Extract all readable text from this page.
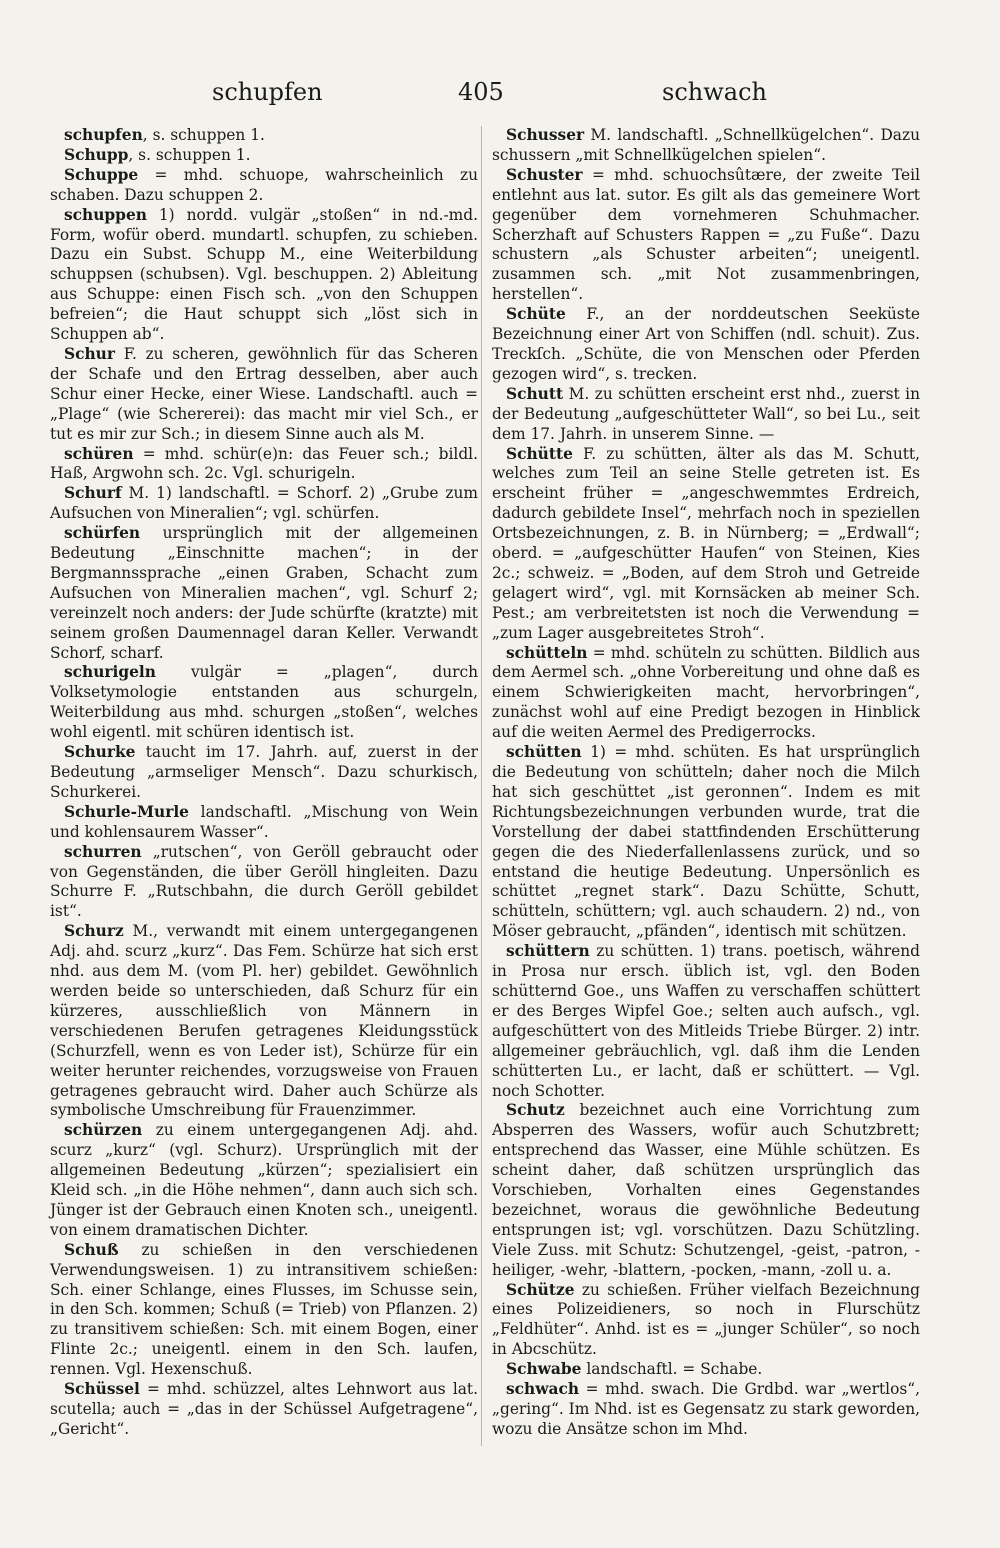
schupfen	405	schwach

schupfen, s. schuppen 1.

Schupp, s. schuppen 1.

Schuppe = mhd. schuope, wahrscheinlich zu schaben. Dazu schuppen 2.

schuppen 1) nordd. vulgär „stoßen“ in nd.-md. Form, wofür oberd. mundartl. schupfen, zu schieben. Dazu ein Subst. Schupp M., eine Weiterbildung schuppsen (schubsen). Vgl. beschuppen. 2) Ableitung aus Schuppe: einen Fisch sch. „von den Schuppen befreien“; die Haut schuppt sich „löst sich in Schuppen ab“.

Schur F. zu scheren, gewöhnlich für das Scheren der Schafe und den Ertrag desselben, aber auch Schur einer Hecke, einer Wiese. Landschaftl. auch = „Plage“ (wie Schererei): das macht mir viel Sch., er tut es mir zur Sch.; in diesem Sinne auch als M.

schüren = mhd. schür(e)n: das Feuer sch.; bildl. Haß, Argwohn sch. 2c. Vgl. schurigeln.

Schurf M. 1) landschaftl. = Schorf. 2) „Grube zum Aufsuchen von Mineralien“; vgl. schürfen.

schürfen ursprünglich mit der allgemeinen Bedeutung „Einschnitte machen“; in der Bergmannssprache „einen Graben, Schacht zum Aufsuchen von Mineralien machen“, vgl. Schurf 2; vereinzelt noch anders: der Jude schürfte (kratzte) mit seinem großen Daumennagel daran Keller. Verwandt Schorf, scharf.

schurigeln vulgär = „plagen“, durch Volksetymologie entstanden aus schurgeln, Weiterbildung aus mhd. schurgen „stoßen“, welches wohl eigentl. mit schüren identisch ist.

Schurke taucht im 17. Jahrh. auf, zuerst in der Bedeutung „armseliger Mensch“. Dazu schurkisch, Schurkerei.

Schurle-Murle landschaftl. „Mischung von Wein und kohlensaurem Wasser“.

schurren „rutschen“, von Geröll gebraucht oder von Gegenständen, die über Geröll hingleiten. Dazu Schurre F. „Rutschbahn, die durch Geröll gebildet ist“.

Schurz M., verwandt mit einem untergegangenen Adj. ahd. scurz „kurz“. Das Fem. Schürze hat sich erst nhd. aus dem M. (vom Pl. her) gebildet. Gewöhnlich werden beide so unterschieden, daß Schurz für ein kürzeres, ausschließlich von Männern in verschiedenen Berufen getragenes Kleidungsstück (Schurzfell, wenn es von Leder ist), Schürze für ein weiter herunter reichendes, vorzugsweise von Frauen getragenes gebraucht wird. Daher auch Schürze als symbolische Umschreibung für Frauenzimmer.

schürzen zu einem untergegangenen Adj. ahd. scurz „kurz“ (vgl. Schurz). Ursprünglich mit der allgemeinen Bedeutung „kürzen“; spezialisiert ein Kleid sch. „in die Höhe nehmen“, dann auch sich sch. Jünger ist der Gebrauch einen Knoten sch., uneigentl. von einem dramatischen Dichter.

Schuß zu schießen in den verschiedenen Verwendungsweisen. 1) zu intransitivem schießen: Sch. einer Schlange, eines Flusses, im Schusse sein, in den Sch. kommen; Schuß (= Trieb) von Pflanzen. 2) zu transitivem schießen: Sch. mit einem Bogen, einer Flinte 2c.; uneigentl. einem in den Sch. laufen, rennen. Vgl. Hexenschuß.

Schüssel = mhd. schüzzel, altes Lehnwort aus lat. scutella; auch = „das in der Schüssel Aufgetragene“, „Gericht“.

Schusser M. landschaftl. „Schnellkügelchen“. Dazu schussern „mit Schnellkügelchen spielen“.

Schuster = mhd. schuochsûtære, der zweite Teil entlehnt aus lat. sutor. Es gilt als das gemeinere Wort gegenüber dem vornehmeren Schuhmacher. Scherzhaft auf Schusters Rappen = „zu Fuße“. Dazu schustern „als Schuster arbeiten“; uneigentl. zusammen sch. „mit Not zusammenbringen, herstellen“.

Schüte F., an der norddeutschen Seeküste Bezeichnung einer Art von Schiffen (ndl. schuit). Zus. Treckſch. „Schüte, die von Menschen oder Pferden gezogen wird“, s. trecken.

Schutt M. zu schütten erscheint erst nhd., zuerst in der Bedeutung „aufgeschütteter Wall“, so bei Lu., seit dem 17. Jahrh. in unserem Sinne. —

Schütte F. zu schütten, älter als das M. Schutt, welches zum Teil an seine Stelle getreten ist. Es erscheint früher = „angeschwemmtes Erdreich, dadurch gebildete Insel“, mehrfach noch in speziellen Ortsbezeichnungen, z. B. in Nürnberg; = „Erdwall“; oberd. = „aufgeschütter Haufen“ von Steinen, Kies 2c.; schweiz. = „Boden, auf dem Stroh und Getreide gelagert wird“, vgl. mit Kornsäcken ab meiner Sch. Pest.; am verbreitetsten ist noch die Verwendung = „zum Lager ausgebreitetes Stroh“.

schütteln = mhd. schüteln zu schütten. Bildlich aus dem Aermel sch. „ohne Vorbereitung und ohne daß es einem Schwierigkeiten macht, hervorbringen“, zunächst wohl auf eine Predigt bezogen in Hinblick auf die weiten Aermel des Predigerrocks.

schütten 1) = mhd. schüten. Es hat ursprünglich die Bedeutung von schütteln; daher noch die Milch hat sich geschüttet „ist geronnen“. Indem es mit Richtungsbezeichnungen verbunden wurde, trat die Vorstellung der dabei stattfindenden Erschütterung gegen die des Niederfallenlassens zurück, und so entstand die heutige Bedeutung. Unpersönlich es schüttet „regnet stark“. Dazu Schütte, Schutt, schütteln, schüttern; vgl. auch schaudern. 2) nd., von Möser gebraucht, „pfänden“, identisch mit schützen.

schüttern zu schütten. 1) trans. poetisch, während in Prosa nur ersch. üblich ist, vgl. den Boden schütternd Goe., uns Waffen zu verschaffen schüttert er des Berges Wipfel Goe.; selten auch aufsch., vgl. aufgeschüttert von des Mitleids Triebe Bürger. 2) intr. allgemeiner gebräuchlich, vgl. daß ihm die Lenden schütterten Lu., er lacht, daß er schüttert. — Vgl. noch Schotter.

Schutz bezeichnet auch eine Vorrichtung zum Absperren des Wassers, wofür auch Schutzbrett; entsprechend das Wasser, eine Mühle schützen. Es scheint daher, daß schützen ursprünglich das Vorschieben, Vorhalten eines Gegenstandes bezeichnet, woraus die gewöhnliche Bedeutung entsprungen ist; vgl. vorschützen. Dazu Schützling. Viele Zuss. mit Schutz: Schutzengel, -geist, -patron, -heiliger, -wehr, -blattern, -pocken, -mann, -zoll u. a.

Schütze zu schießen. Früher vielfach Bezeichnung eines Polizeidieners, so noch in Flurschütz „Feldhüter“. Anhd. ist es = „junger Schüler“, so noch in Abcschütz.

Schwabe landschaftl. = Schabe.

schwach = mhd. swach. Die Grdbd. war „wertlos“, „gering“. Im Nhd. ist es Gegensatz zu stark geworden, wozu die Ansätze schon im Mhd.
